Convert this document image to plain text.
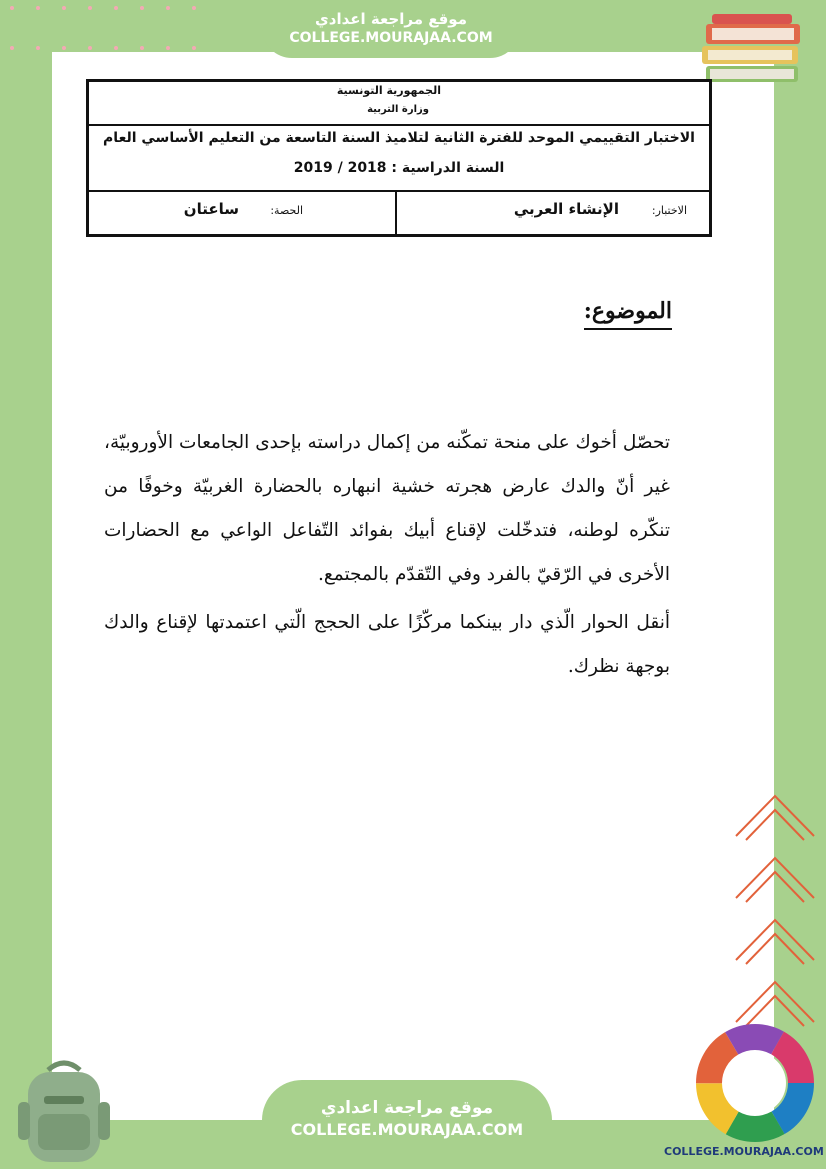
موقع مراجعة اعدادي
COLLEGE.MOURAJAA.COM
الجمهورية التونسية
وزارة التربية
الاختبار التقييمي الموحد للفترة الثانية لتلاميذ السنة التاسعة من التعليم الأساسي العام
السنة الدراسية : 2018 / 2019
الاختبار:
الإنشاء العربي
الحصة:
ساعتان
الموضوع:

تحصّل أخوك على منحة تمكّنه من إكمال دراسته بإحدى الجامعات الأوروبيّة، غير أنّ والدك عارض هجرته خشية انبهاره بالحضارة الغربيّة وخوفًا من تنكّره لوطنه، فتدخّلت لإقناع أبيك بفوائد التّفاعل الواعي مع الحضارات الأخرى في الرّقيّ بالفرد وفي التّقدّم بالمجتمع.

أنقل الحوار الّذي دار بينكما مركّزًا على الحجج الّتي اعتمدتها لإقناع والدك بوجهة نظرك.

COLLEGE.MOURAJAA.COM
موقع مراجعة اعدادي
COLLEGE.MOURAJAA.COM
